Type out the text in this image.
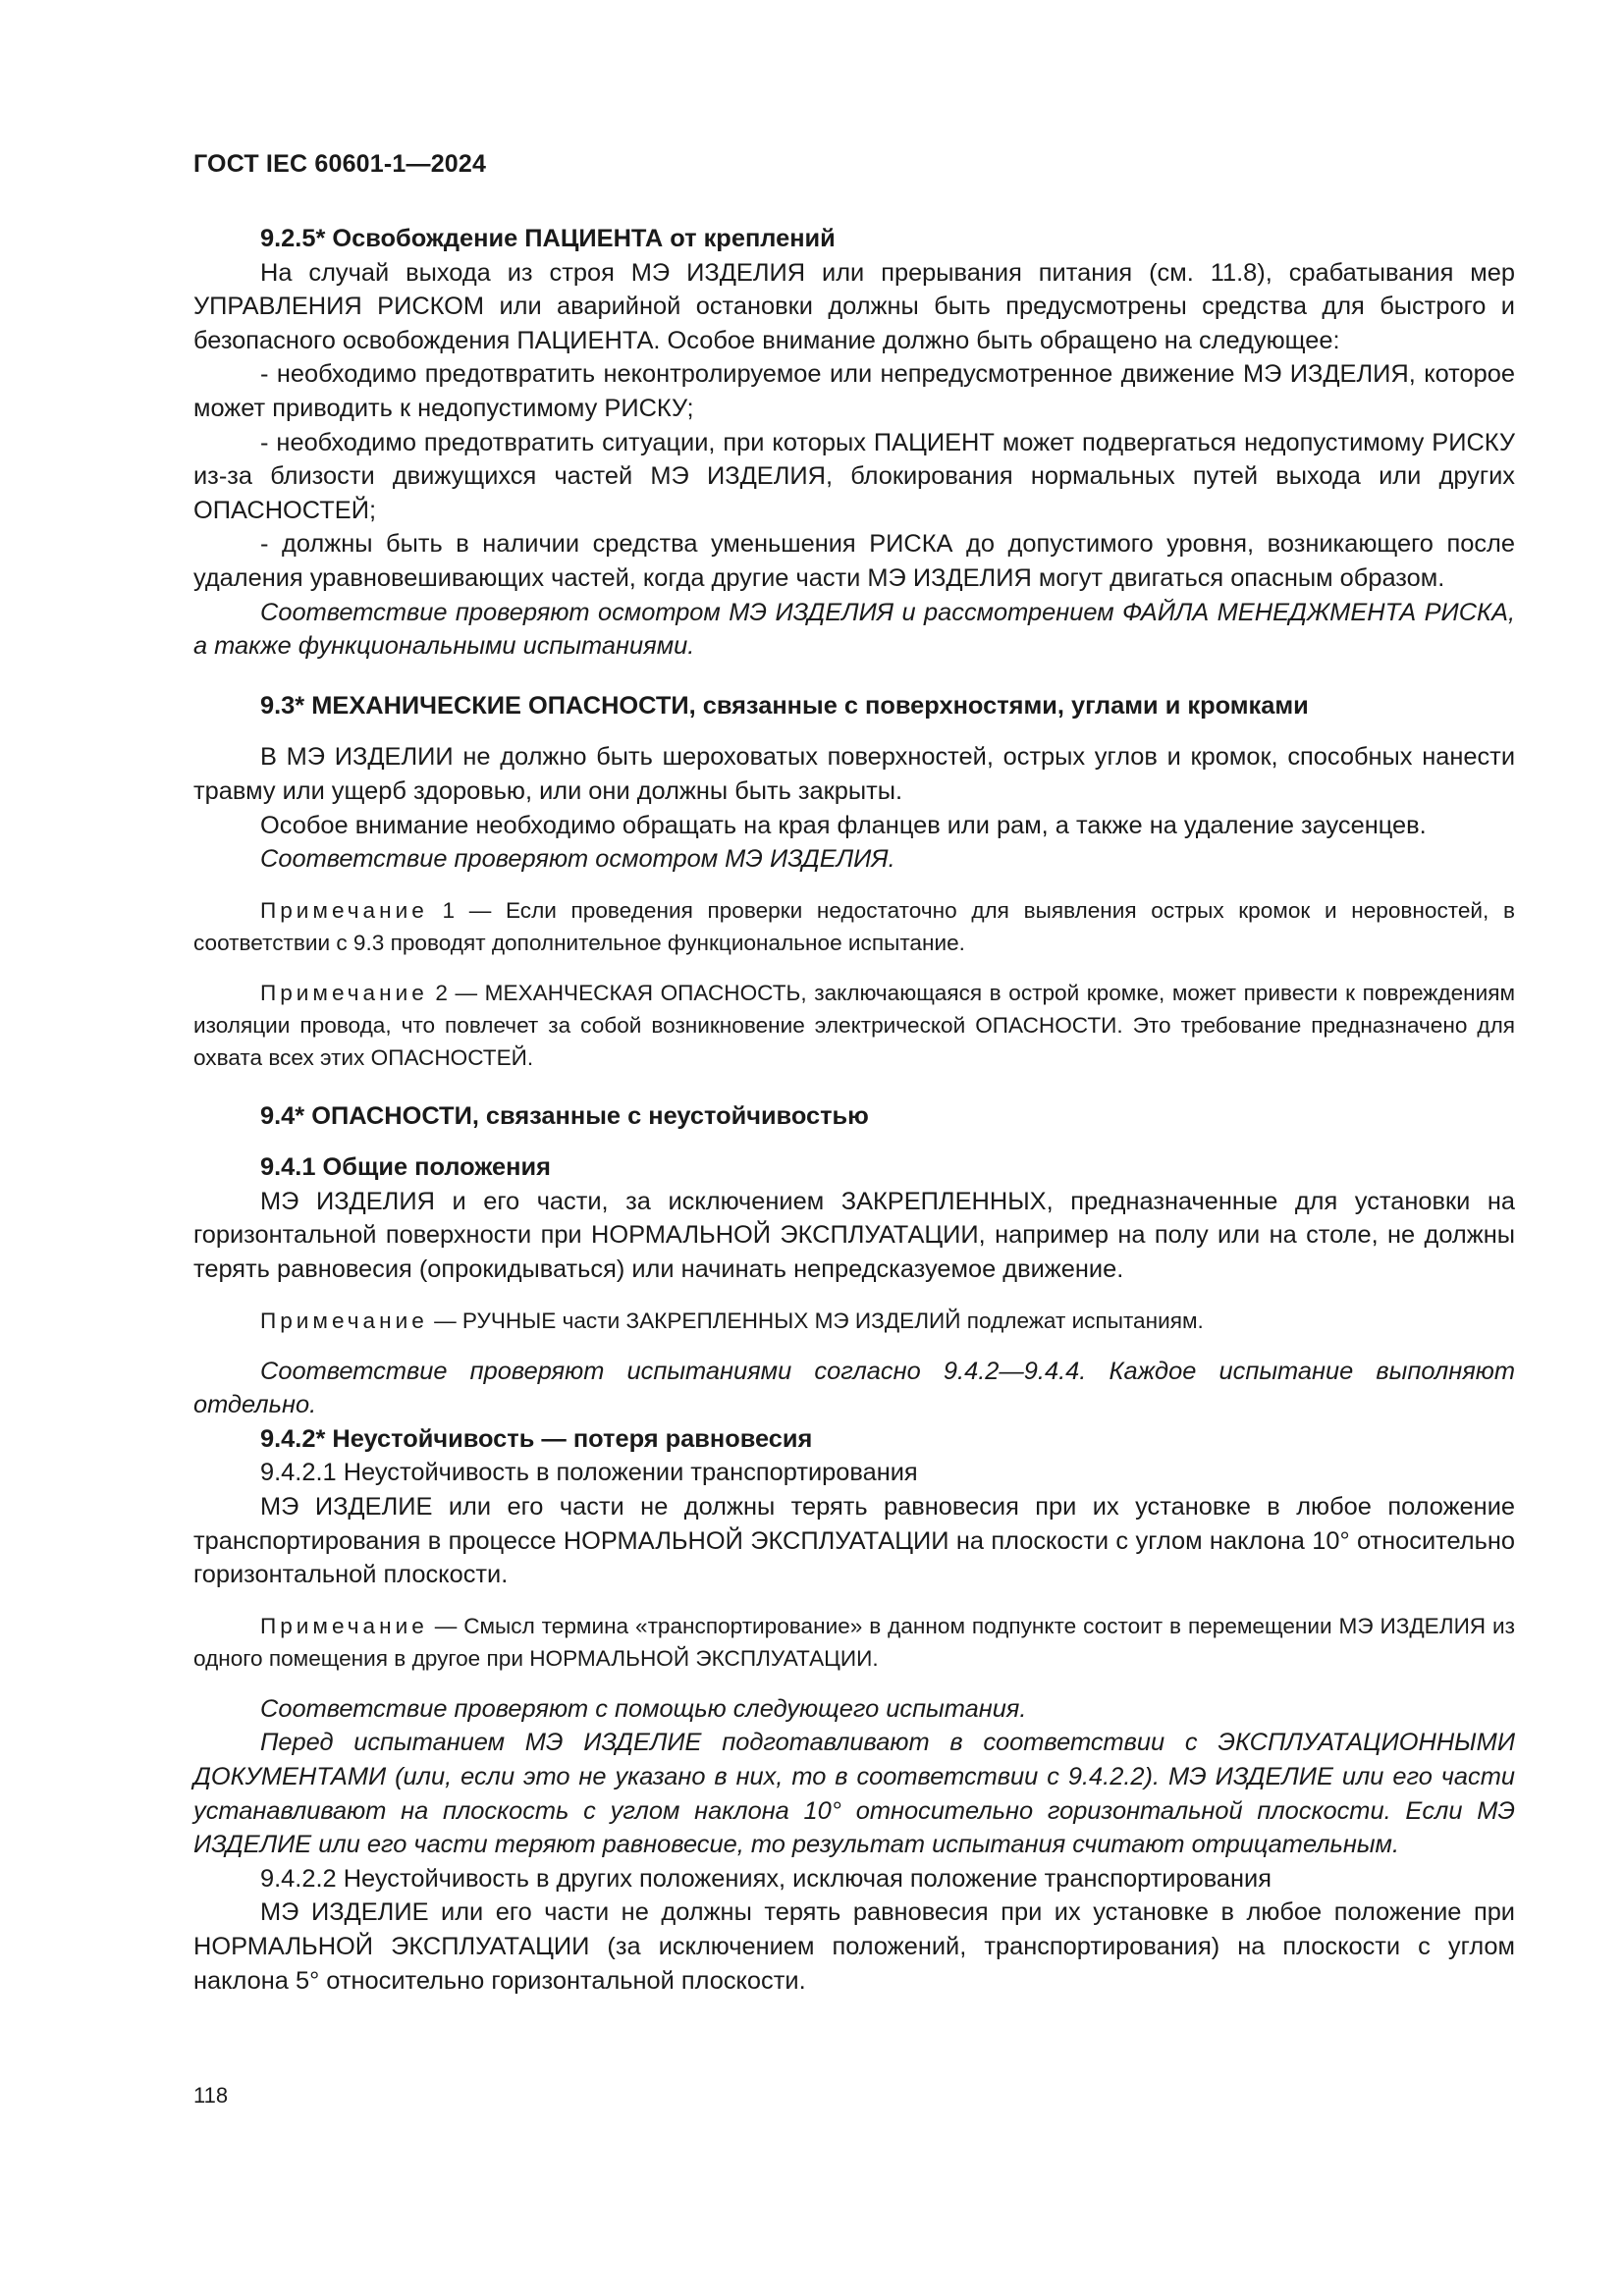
ГОСТ IEC 60601-1—2024

9.2.5* Освобождение ПАЦИЕНТА от креплений

На случай выхода из строя МЭ ИЗДЕЛИЯ или прерывания питания (см. 11.8), срабатывания мер УПРАВЛЕНИЯ РИСКОМ или аварийной остановки должны быть предусмотрены средства для быстрого и безопасного освобождения ПАЦИЕНТА. Особое внимание должно быть обращено на следующее:

- необходимо предотвратить неконтролируемое или непредусмотренное движение МЭ ИЗДЕЛИЯ, которое может приводить к недопустимому РИСКУ;

- необходимо предотвратить ситуации, при которых ПАЦИЕНТ может подвергаться недопустимому РИСКУ из-за близости движущихся частей МЭ ИЗДЕЛИЯ, блокирования нормальных путей выхода или других ОПАСНОСТЕЙ;

- должны быть в наличии средства уменьшения РИСКА до допустимого уровня, возникающего после удаления уравновешивающих частей, когда другие части МЭ ИЗДЕЛИЯ могут двигаться опасным образом.

Соответствие проверяют осмотром МЭ ИЗДЕЛИЯ и рассмотрением ФАЙЛА МЕНЕДЖМЕНТА РИСКА, а также функциональными испытаниями.

9.3* МЕХАНИЧЕСКИЕ ОПАСНОСТИ, связанные с поверхностями, углами и кромками

В МЭ ИЗДЕЛИИ не должно быть шероховатых поверхностей, острых углов и кромок, способных нанести травму или ущерб здоровью, или они должны быть закрыты.

Особое внимание необходимо обращать на края фланцев или рам, а также на удаление заусенцев.

Соответствие проверяют осмотром МЭ ИЗДЕЛИЯ.

Примечание 1 — Если проведения проверки недостаточно для выявления острых кромок и неровностей, в соответствии с 9.3 проводят дополнительное функциональное испытание.

Примечание 2 — МЕХАНЧЕСКАЯ ОПАСНОСТЬ, заключающаяся в острой кромке, может привести к повреждениям изоляции провода, что повлечет за собой возникновение электрической ОПАСНОСТИ. Это требование предназначено для охвата всех этих ОПАСНОСТЕЙ.

9.4* ОПАСНОСТИ, связанные с неустойчивостью

9.4.1 Общие положения

МЭ ИЗДЕЛИЯ и его части, за исключением ЗАКРЕПЛЕННЫХ, предназначенные для установки на горизонтальной поверхности при НОРМАЛЬНОЙ ЭКСПЛУАТАЦИИ, например на полу или на столе, не должны терять равновесия (опрокидываться) или начинать непредсказуемое движение.

Примечание — РУЧНЫЕ части ЗАКРЕПЛЕННЫХ МЭ ИЗДЕЛИЙ подлежат испытаниям.

Соответствие проверяют испытаниями согласно 9.4.2—9.4.4. Каждое испытание выполняют отдельно.

9.4.2* Неустойчивость — потеря равновесия

9.4.2.1 Неустойчивость в положении транспортирования

МЭ ИЗДЕЛИЕ или его части не должны терять равновесия при их установке в любое положение транспортирования в процессе НОРМАЛЬНОЙ ЭКСПЛУАТАЦИИ на плоскости с углом наклона 10° относительно горизонтальной плоскости.

Примечание — Смысл термина «транспортирование» в данном подпункте состоит в перемещении МЭ ИЗДЕЛИЯ из одного помещения в другое при НОРМАЛЬНОЙ ЭКСПЛУАТАЦИИ.

Соответствие проверяют с помощью следующего испытания.

Перед испытанием МЭ ИЗДЕЛИЕ подготавливают в соответствии с ЭКСПЛУАТАЦИОННЫМИ ДОКУМЕНТАМИ (или, если это не указано в них, то в соответствии с 9.4.2.2). МЭ ИЗДЕЛИЕ или его части устанавливают на плоскость с углом наклона 10° относительно горизонтальной плоскости. Если МЭ ИЗДЕЛИЕ или его части теряют равновесие, то результат испытания считают отрицательным.

9.4.2.2 Неустойчивость в других положениях, исключая положение транспортирования

МЭ ИЗДЕЛИЕ или его части не должны терять равновесия при их установке в любое положение при НОРМАЛЬНОЙ ЭКСПЛУАТАЦИИ (за исключением положений, транспортирования) на плоскости с углом наклона 5° относительно горизонтальной плоскости.

118
